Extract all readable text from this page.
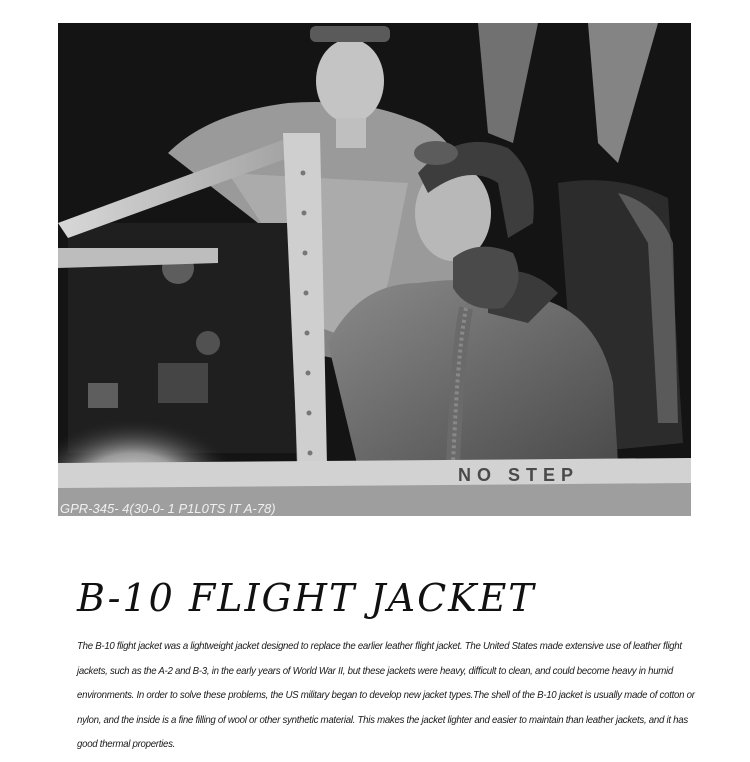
NO STEP
GPR-345- 4(30-0- 1 P1L0TS IT A-78)
B-10 FLIGHT JACKET

The B-10 flight jacket was a lightweight jacket designed to replace the earlier leather flight jacket. The United States made extensive use of leather flight jackets, such as the A-2 and B-3, in the early years of World War II, but these jackets were heavy, difficult to clean, and could become heavy in humid environments. In order to solve these problems, the US military began to develop new jacket types.The shell of the B-10 jacket is usually made of cotton or nylon, and the inside is a fine filling of wool or other synthetic material. This makes the jacket lighter and easier to maintain than leather jackets, and it has good thermal properties.
